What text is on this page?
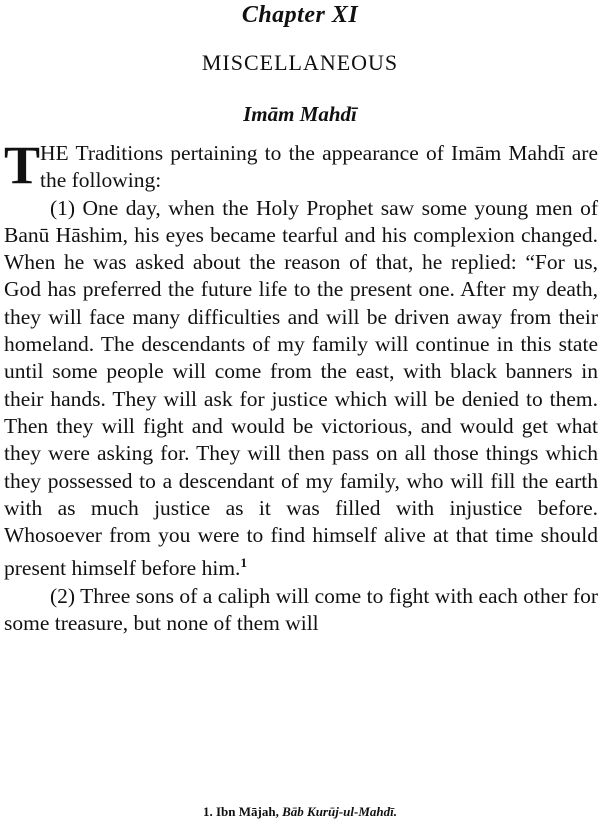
Chapter XI
MISCELLANEOUS
Imām Mahdī

T HE Traditions pertaining to the appearance of Imām Mahdī are the following:

(1) One day, when the Holy Prophet saw some young men of Banū Hāshim, his eyes became tearful and his complexion changed. When he was asked about the reason of that, he replied: “For us, God has preferred the future life to the present one. After my death, they will face many difficulties and will be driven away from their homeland. The descendants of my family will continue in this state until some people will come from the east, with black banners in their hands. They will ask for justice which will be denied to them. Then they will fight and would be victorious, and would get what they were asking for. They will then pass on all those things which they possessed to a descendant of my family, who will fill the earth with as much justice as it was filled with injustice before. Whosoever from you were to find himself alive at that time should present himself before him.$^1$

(2) Three sons of a caliph will come to fight with each other for some treasure, but none of them will

1. Ibn Mājah, Bāb Kurūj-ul-Mahdī.
